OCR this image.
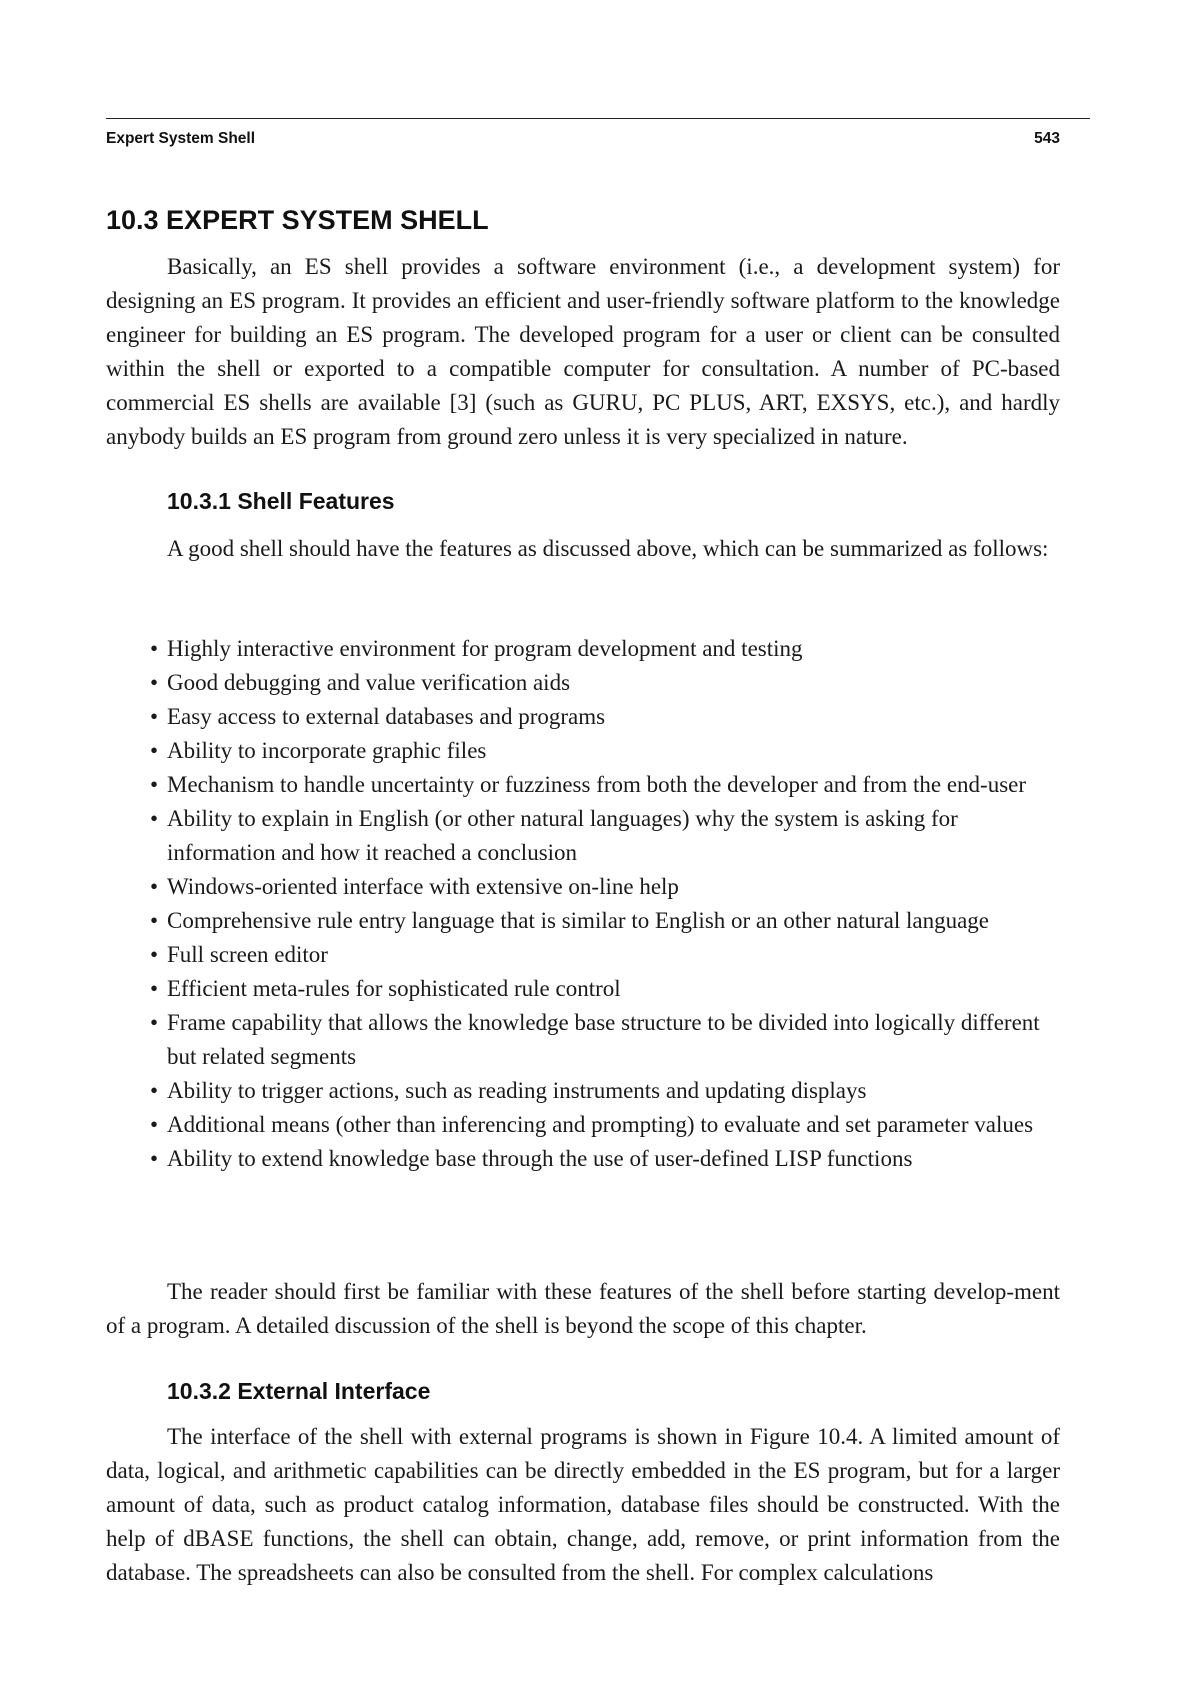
Expert System Shell	543
10.3 EXPERT SYSTEM SHELL

Basically, an ES shell provides a software environment (i.e., a development system) for designing an ES program. It provides an efficient and user-friendly software platform to the knowledge engineer for building an ES program. The developed program for a user or client can be consulted within the shell or exported to a compatible computer for consultation. A number of PC-based commercial ES shells are available [3] (such as GURU, PC PLUS, ART, EXSYS, etc.), and hardly anybody builds an ES program from ground zero unless it is very specialized in nature.

10.3.1 Shell Features

A good shell should have the features as discussed above, which can be summarized as follows:

• Highly interactive environment for program development and testing
• Good debugging and value verification aids
• Easy access to external databases and programs
• Ability to incorporate graphic files
• Mechanism to handle uncertainty or fuzziness from both the developer and from the end-user
• Ability to explain in English (or other natural languages) why the system is asking for information and how it reached a conclusion
• Windows-oriented interface with extensive on-line help
• Comprehensive rule entry language that is similar to English or an other natural language
• Full screen editor
• Efficient meta-rules for sophisticated rule control
• Frame capability that allows the knowledge base structure to be divided into logically different but related segments
• Ability to trigger actions, such as reading instruments and updating displays
• Additional means (other than inferencing and prompting) to evaluate and set parameter values
• Ability to extend knowledge base through the use of user-defined LISP functions

The reader should first be familiar with these features of the shell before starting develop-ment of a program. A detailed discussion of the shell is beyond the scope of this chapter.

10.3.2 External Interface

The interface of the shell with external programs is shown in Figure 10.4. A limited amount of data, logical, and arithmetic capabilities can be directly embedded in the ES program, but for a larger amount of data, such as product catalog information, database files should be constructed. With the help of dBASE functions, the shell can obtain, change, add, remove, or print information from the database. The spreadsheets can also be consulted from the shell. For complex calculations
